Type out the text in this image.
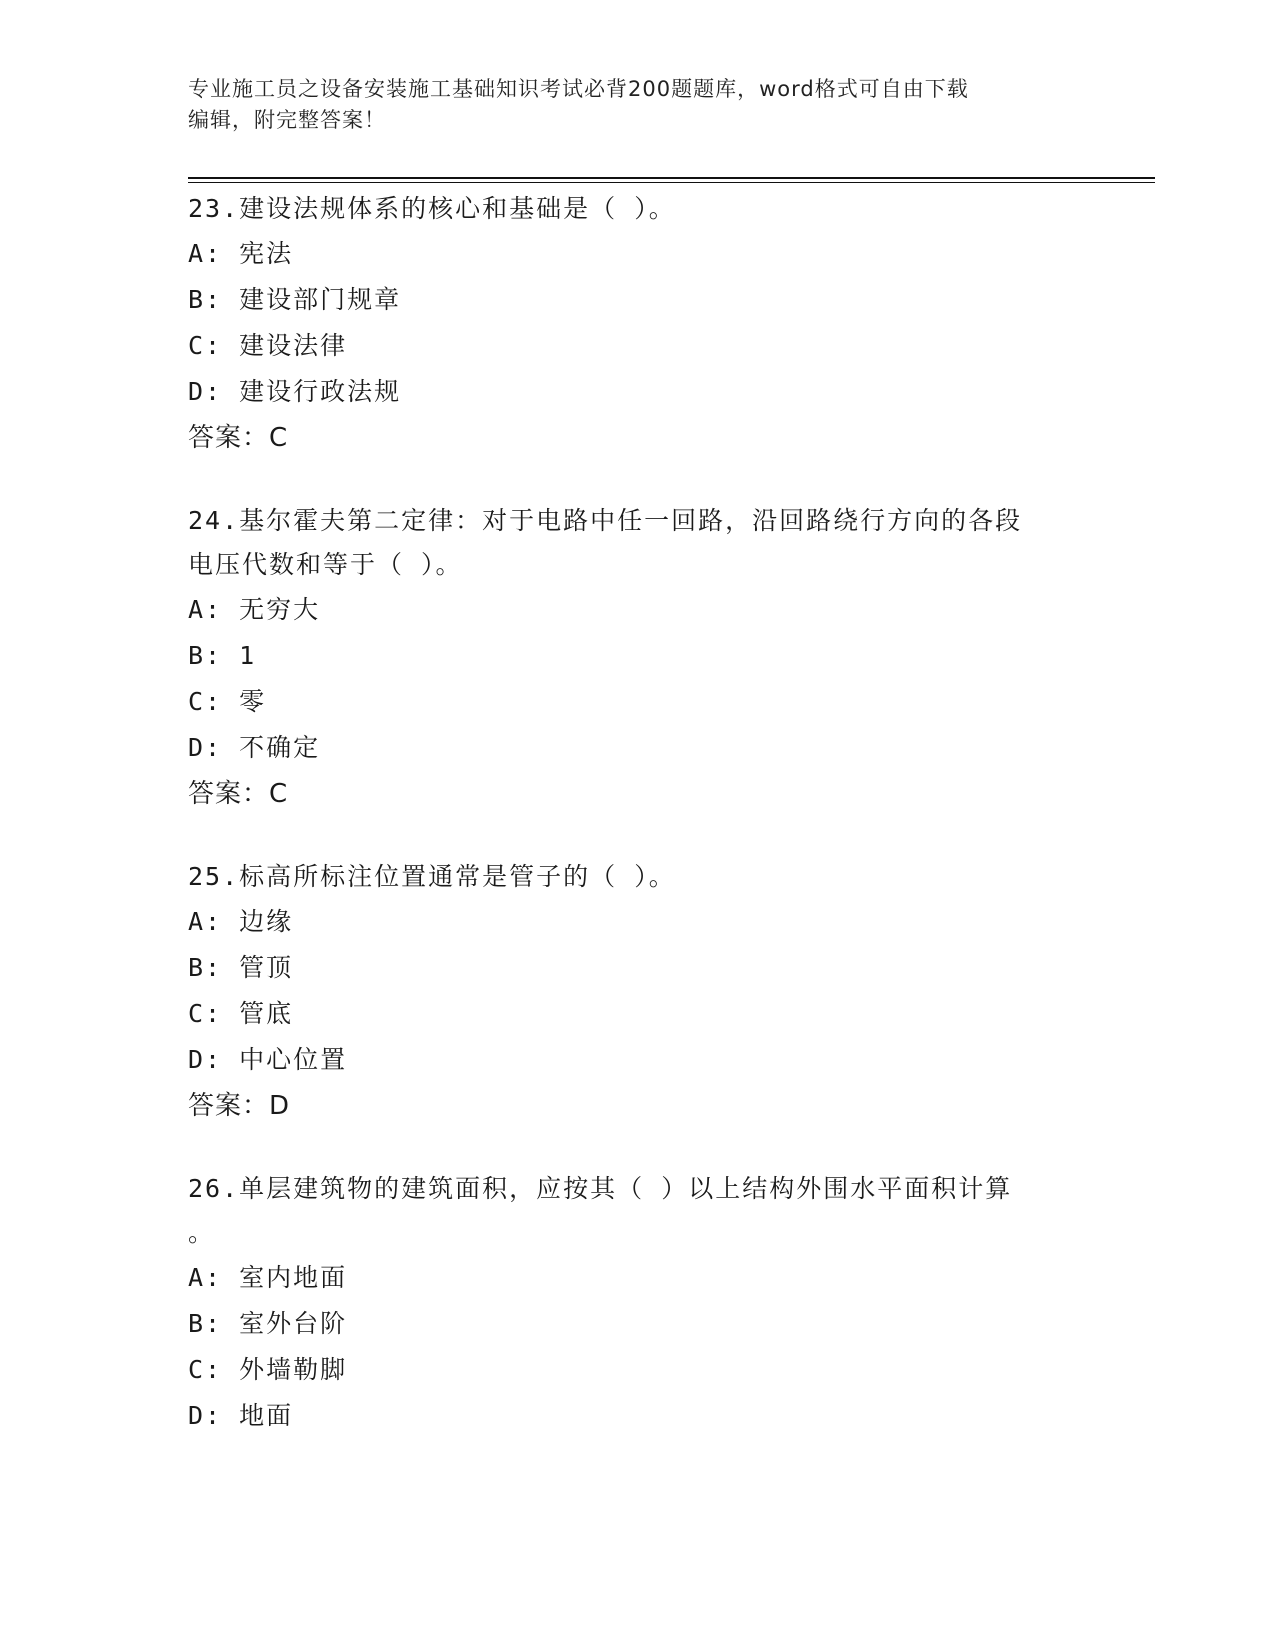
专业施工员之设备安装施工基础知识考试必背200题题库，word格式可自由下载
编辑，附完整答案！

23.建设法规体系的核心和基础是（ ）。

A: 宪法

B: 建设部门规章

C: 建设法律

D: 建设行政法规

答案：C

24.基尔霍夫第二定律：对于电路中任一回路，沿回路绕行方向的各段

电压代数和等于（ ）。

A: 无穷大

B: 1

C: 零

D: 不确定

答案：C

25.标高所标注位置通常是管子的（ ）。

A: 边缘

B: 管顶

C: 管底

D: 中心位置

答案：D

26.单层建筑物的建筑面积，应按其（ ）以上结构外围水平面积计算

。

A: 室内地面

B: 室外台阶

C: 外墙勒脚

D: 地面
